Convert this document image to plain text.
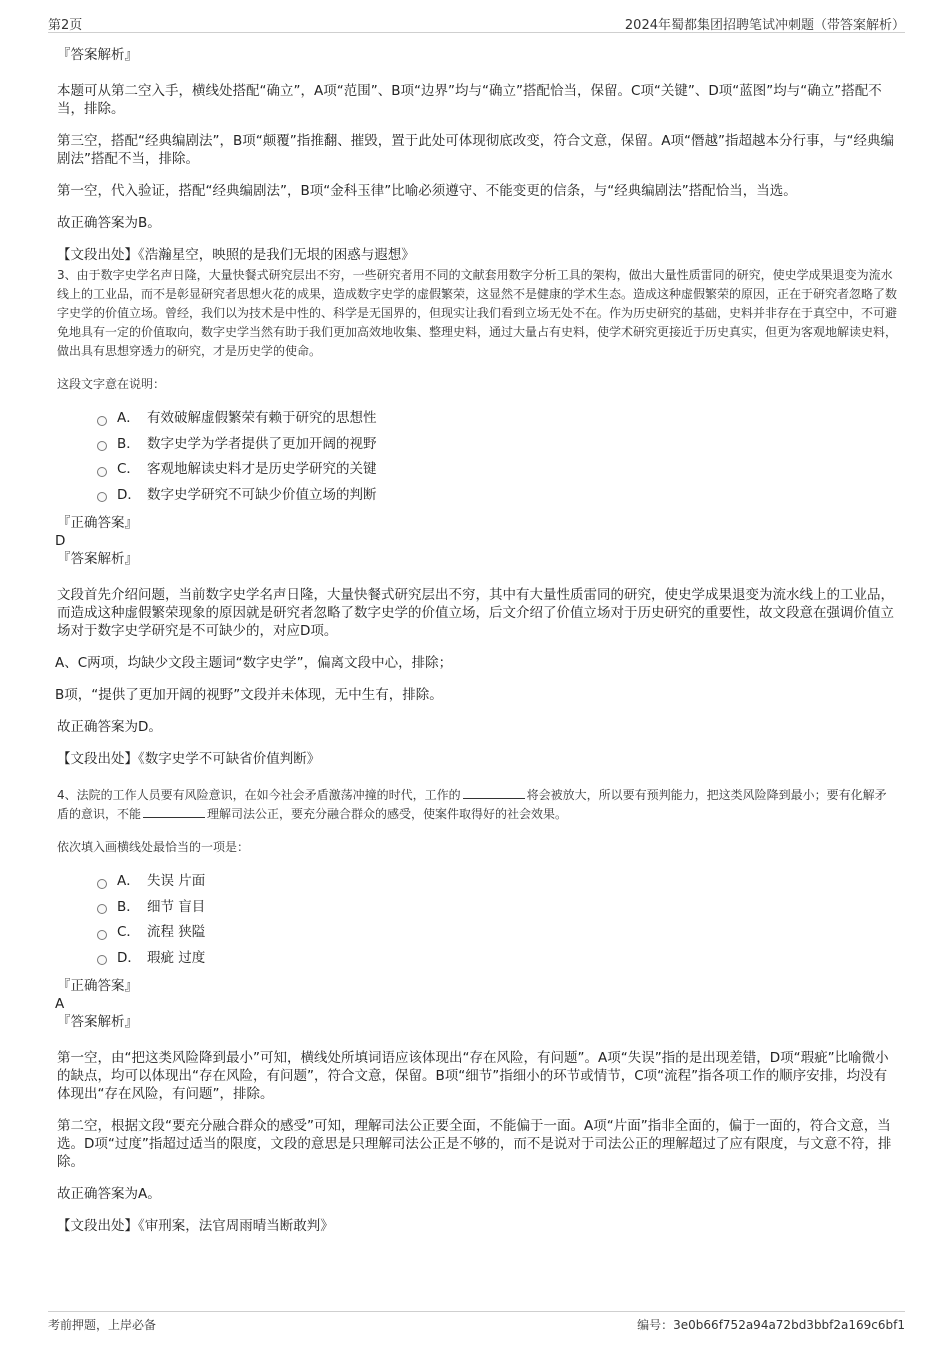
第2页	2024年蜀都集团招聘笔试冲刺题（带答案解析）

『答案解析』

本题可从第二空入手，横线处搭配“确立”，A项“范围”、B项“边界”均与“确立”搭配恰当，保留。C项“关键”、D项“蓝图”均与“确立”搭配不当，排除。

第三空，搭配“经典编剧法”，B项“颠覆”指推翻、摧毁，置于此处可体现彻底改变，符合文意，保留。A项“僭越”指超越本分行事，与“经典编剧法”搭配不当，排除。

第一空，代入验证，搭配“经典编剧法”，B项“金科玉律”比喻必须遵守、不能变更的信条，与“经典编剧法”搭配恰当，当选。

故正确答案为B。

【文段出处】《浩瀚星空，映照的是我们无垠的困惑与遐想》

3、由于数字史学名声日隆，大量快餐式研究层出不穷，一些研究者用不同的文献套用数字分析工具的架构，做出大量性质雷同的研究，使史学成果退变为流水线上的工业品，而不是彰显研究者思想火花的成果，造成数字史学的虚假繁荣，这显然不是健康的学术生态。造成这种虚假繁荣的原因，正在于研究者忽略了数字史学的价值立场。曾经，我们以为技术是中性的、科学是无国界的，但现实让我们看到立场无处不在。作为历史研究的基础，史料并非存在于真空中，不可避免地具有一定的价值取向，数字史学当然有助于我们更加高效地收集、整理史料，通过大量占有史料，使学术研究更接近于历史真实，但更为客观地解读史料，做出具有思想穿透力的研究，才是历史学的使命。

这段文字意在说明：

A． 有效破解虚假繁荣有赖于研究的思想性
B． 数字史学为学者提供了更加开阔的视野
C． 客观地解读史料才是历史学研究的关键
D． 数字史学研究不可缺少价值立场的判断

『正确答案』

D

『答案解析』

文段首先介绍问题，当前数字史学名声日隆，大量快餐式研究层出不穷，其中有大量性质雷同的研究，使史学成果退变为流水线上的工业品，而造成这种虚假繁荣现象的原因就是研究者忽略了数字史学的价值立场，后文介绍了价值立场对于历史研究的重要性，故文段意在强调价值立场对于数字史学研究是不可缺少的，对应D项。

A、C两项，均缺少文段主题词“数字史学”，偏离文段中心，排除；

B项，“提供了更加开阔的视野”文段并未体现，无中生有，排除。

故正确答案为D。

【文段出处】《数字史学不可缺省价值判断》

4、法院的工作人员要有风险意识，在如今社会矛盾激荡冲撞的时代，工作的	将会被放大，所以要有预判能力，把这类风险降到最小；要有化解矛盾的意识，不能	理解司法公正，要充分融合群众的感受，使案件取得好的社会效果。

依次填入画横线处最恰当的一项是：

A． 失误 片面
B． 细节 盲目
C． 流程 狭隘
D． 瑕疵 过度

『正确答案』

A

『答案解析』

第一空，由“把这类风险降到最小”可知，横线处所填词语应该体现出“存在风险，有问题”。A项“失误”指的是出现差错，D项“瑕疵”比喻微小的缺点，均可以体现出“存在风险，有问题”，符合文意，保留。B项“细节”指细小的环节或情节，C项“流程”指各项工作的顺序安排，均没有体现出“存在风险，有问题”，排除。

第二空，根据文段“要充分融合群众的感受”可知，理解司法公正要全面，不能偏于一面。A项“片面”指非全面的，偏于一面的，符合文意，当选。D项“过度”指超过适当的限度，文段的意思是只理解司法公正是不够的，而不是说对于司法公正的理解超过了应有限度，与文意不符，排除。

故正确答案为A。

【文段出处】《审刑案，法官周雨晴当断敢判》

考前押题，上岸必备	编号：3e0b66f752a94a72bd3bbf2a169c6bf1
